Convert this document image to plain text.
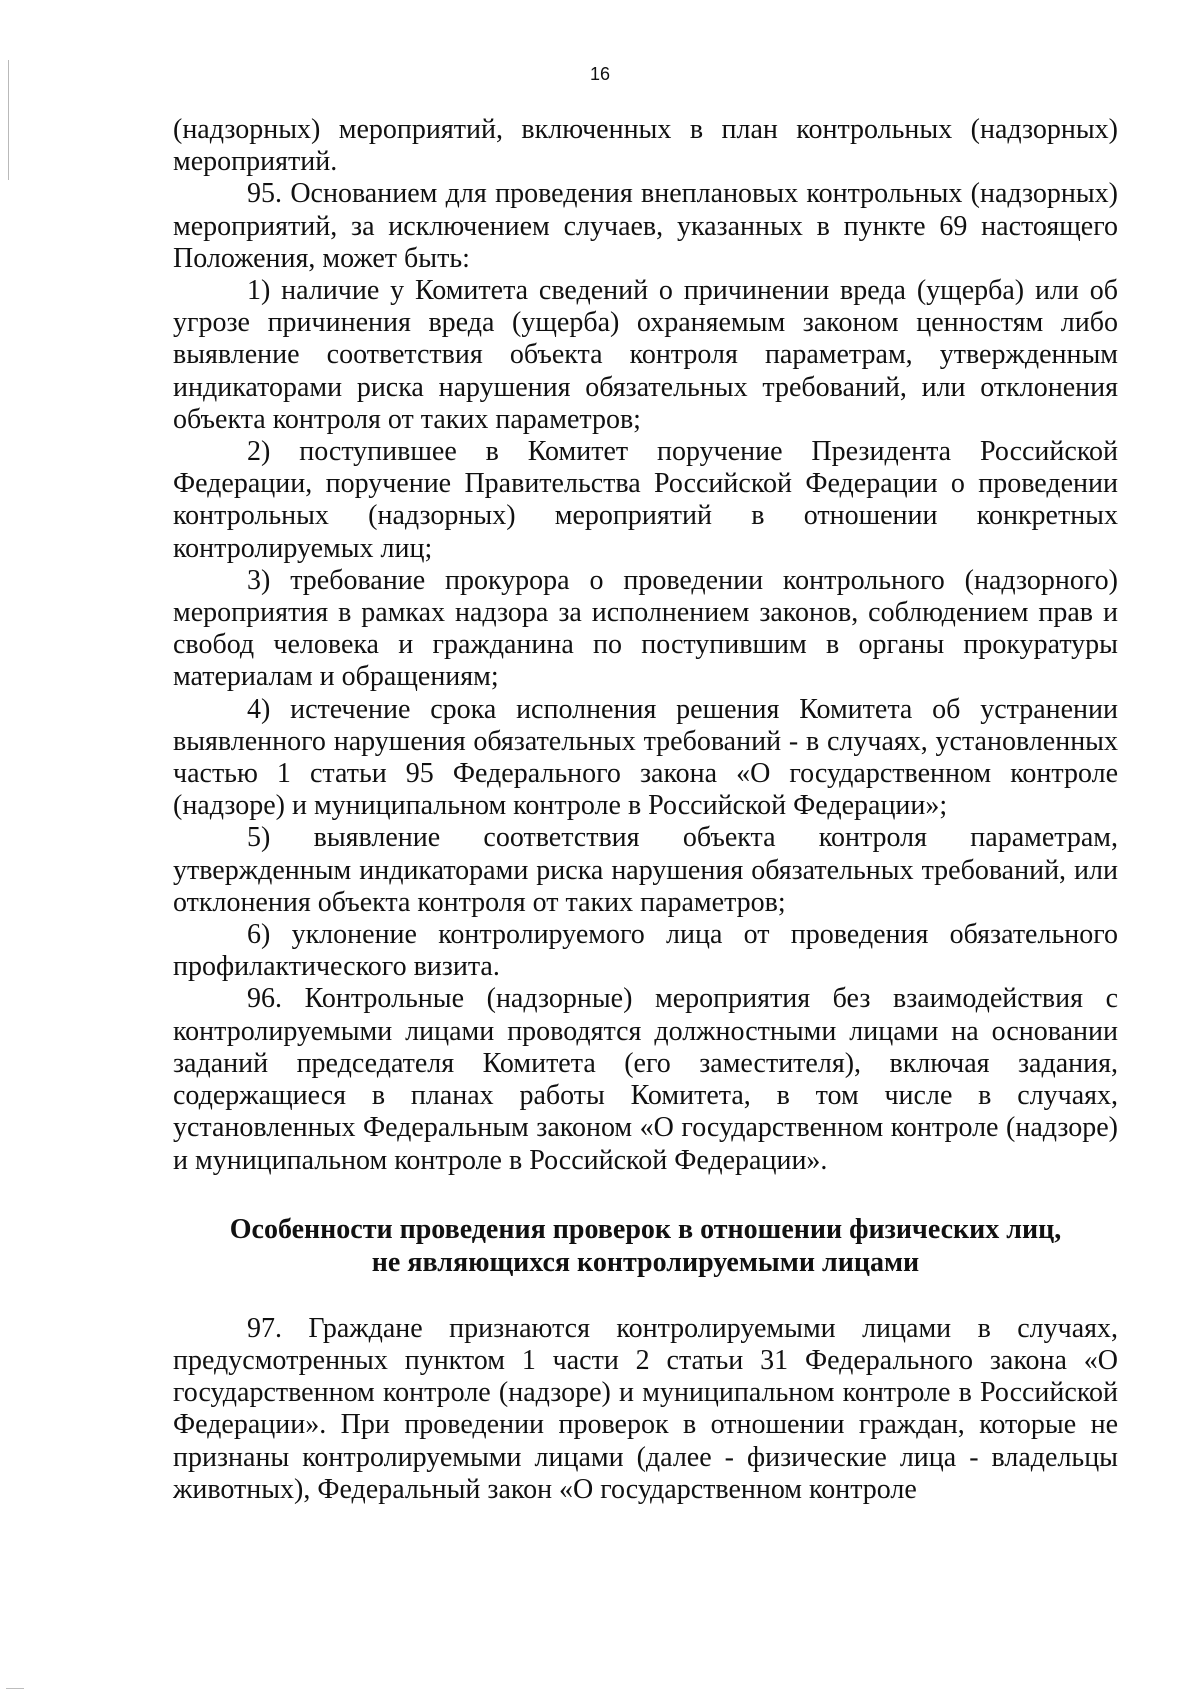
16

(надзорных) мероприятий, включенных в план контрольных (надзорных) мероприятий.

95. Основанием для проведения внеплановых контрольных (надзорных) мероприятий, за исключением случаев, указанных в пункте 69 настоящего Положения, может быть:

1) наличие у Комитета сведений о причинении вреда (ущерба) или об угрозе причинения вреда (ущерба) охраняемым законом ценностям либо выявление соответствия объекта контроля параметрам, утвержденным индикаторами риска нарушения обязательных требований, или отклонения объекта контроля от таких параметров;

2) поступившее в Комитет поручение Президента Российской Федерации, поручение Правительства Российской Федерации о проведении контрольных (надзорных) мероприятий в отношении конкретных контролируемых лиц;

3) требование прокурора о проведении контрольного (надзорного) мероприятия в рамках надзора за исполнением законов, соблюдением прав и свобод человека и гражданина по поступившим в органы прокуратуры материалам и обращениям;

4) истечение срока исполнения решения Комитета об устранении выявленного нарушения обязательных требований - в случаях, установленных частью 1 статьи 95 Федерального закона «О государственном контроле (надзоре) и муниципальном контроле в Российской Федерации»;

5) выявление соответствия объекта контроля параметрам, утвержденным индикаторами риска нарушения обязательных требований, или отклонения объекта контроля от таких параметров;

6) уклонение контролируемого лица от проведения обязательного профилактического визита.

96. Контрольные (надзорные) мероприятия без взаимодействия с контролируемыми лицами проводятся должностными лицами на основании заданий председателя Комитета (его заместителя), включая задания, содержащиеся в планах работы Комитета, в том числе в случаях, установленных Федеральным законом «О государственном контроле (надзоре) и муниципальном контроле в Российской Федерации».

Особенности проведения проверок в отношении физических лиц,
не являющихся контролируемыми лицами

97. Граждане признаются контролируемыми лицами в случаях, предусмотренных пунктом 1 части 2 статьи 31 Федерального закона «О государственном контроле (надзоре) и муниципальном контроле в Российской Федерации». При проведении проверок в отношении граждан, которые не признаны контролируемыми лицами (далее - физические лица - владельцы животных), Федеральный закон «О государственном контроле
